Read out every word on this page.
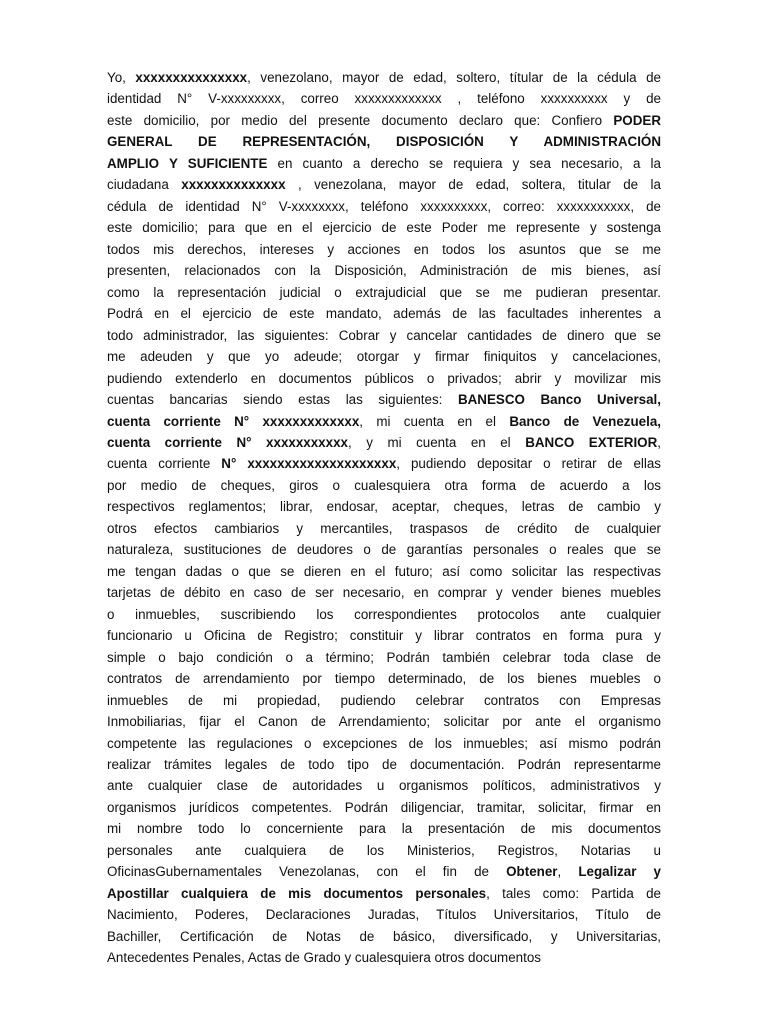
Yo, xxxxxxxxxxxxxxx, venezolano, mayor de edad, soltero, títular de la cédula de
identidad N° V-xxxxxxxxx, correo xxxxxxxxxxxxx , teléfono xxxxxxxxxx y de
este domicilio, por medio del presente documento declaro que: Confiero PODER
GENERAL DE REPRESENTACIÓN, DISPOSICIÓN Y ADMINISTRACIÓN
AMPLIO Y SUFICIENTE en cuanto a derecho se requiera y sea necesario, a la
ciudadana xxxxxxxxxxxxxx , venezolana, mayor de edad, soltera, titular de la
cédula de identidad N° V-xxxxxxxx, teléfono xxxxxxxxxx, correo: xxxxxxxxxxx, de
este domicilio; para que en el ejercicio de este Poder me represente y sostenga
todos mis derechos, intereses y acciones en todos los asuntos que se me
presenten, relacionados con la Disposición, Administración de mis bienes, así
como la representación judicial o extrajudicial que se me pudieran presentar.
Podrá en el ejercicio de este mandato, además de las facultades inherentes a
todo administrador, las siguientes: Cobrar y cancelar cantidades de dinero que se
me adeuden y que yo adeude; otorgar y firmar finiquitos y cancelaciones,
pudiendo extenderlo en documentos públicos o privados; abrir y movilizar mis
cuentas bancarias siendo estas las siguientes: BANESCO Banco Universal,
cuenta corriente N° xxxxxxxxxxxxx, mi cuenta en el Banco de Venezuela,
cuenta corriente N° xxxxxxxxxxx, y mi cuenta en el BANCO EXTERIOR,
cuenta corriente N° xxxxxxxxxxxxxxxxxxxx, pudiendo depositar o retirar de ellas
por medio de cheques, giros o cualesquiera otra forma de acuerdo a los
respectivos reglamentos; librar, endosar, aceptar, cheques, letras de cambio y
otros efectos cambiarios y mercantiles, traspasos de crédito de cualquier
naturaleza, sustituciones de deudores o de garantías personales o reales que se
me tengan dadas o que se dieren en el futuro; así como solicitar las respectivas
tarjetas de débito en caso de ser necesario, en comprar y vender bienes muebles
o inmuebles, suscribiendo los correspondientes protocolos ante cualquier
funcionario u Oficina de Registro; constituir y librar contratos en forma pura y
simple o bajo condición o a término; Podrán también celebrar toda clase de
contratos de arrendamiento por tiempo determinado, de los bienes muebles o
inmuebles de mi propiedad, pudiendo celebrar contratos con Empresas
Inmobiliarias, fijar el Canon de Arrendamiento; solicitar por ante el organismo
competente las regulaciones o excepciones de los inmuebles; así mismo podrán
realizar trámites legales de todo tipo de documentación. Podrán representarme
ante cualquier clase de autoridades u organismos políticos, administrativos y
organismos jurídicos competentes. Podrán diligenciar, tramitar, solicitar, firmar en
mi nombre todo lo concerniente para la presentación de mis documentos
personales ante cualquiera de los Ministerios, Registros, Notarias u
OficinasGubernamentales Venezolanas, con el fin de Obtener, Legalizar y
Apostillar cualquiera de mis documentos personales, tales como: Partida de
Nacimiento, Poderes, Declaraciones Juradas, Títulos Universitarios, Título de
Bachiller, Certificación de Notas de básico, diversificado, y Universitarias,
Antecedentes Penales, Actas de Grado y cualesquiera otros documentos
